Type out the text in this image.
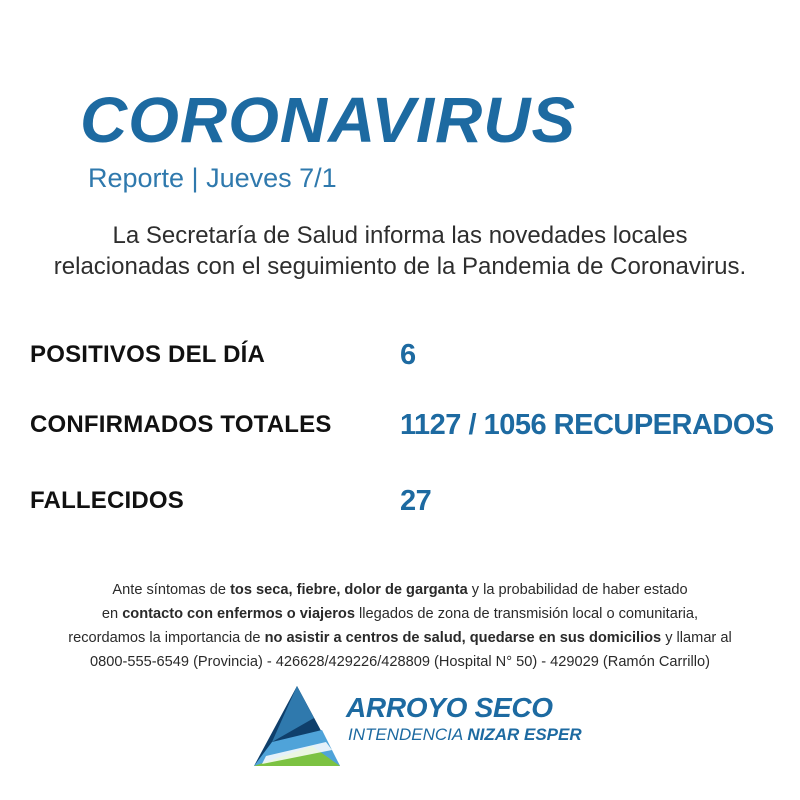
CORONAVIRUS
Reporte | Jueves 7/1
La Secretaría de Salud informa las novedades locales
relacionadas con el seguimiento de la Pandemia de Coronavirus.
POSITIVOS DEL DÍA	6
CONFIRMADOS TOTALES 1127 / 1056 RECUPERADOS
FALLECIDOS	27
Ante síntomas de tos seca, fiebre, dolor de garganta y la probabilidad de haber estado
en contacto con enfermos o viajeros llegados de zona de transmisión local o comunitaria,
recordamos la importancia de no asistir a centros de salud, quedarse en sus domicilios y llamar al
0800-555-6549 (Provincia) - 426628/429226/428809 (Hospital N° 50) - 429029 (Ramón Carrillo)
ARROYO SECO
INTENDENCIA NIZAR ESPER
